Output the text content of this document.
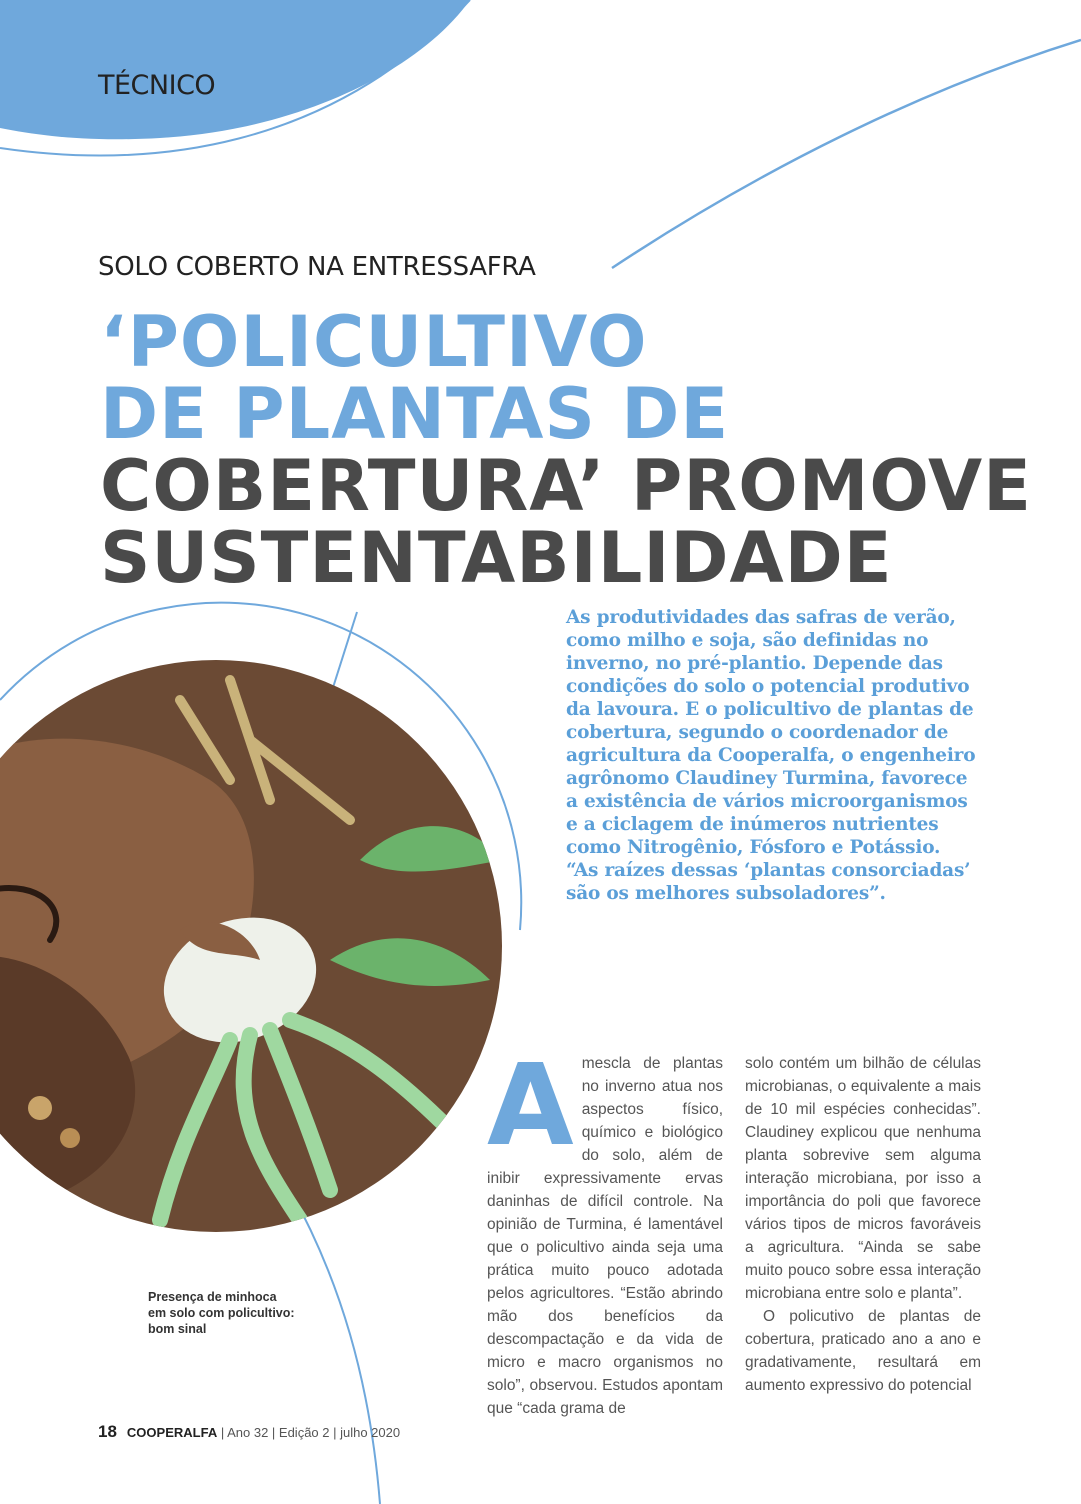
TÉCNICO
SOLO COBERTO NA ENTRESSAFRA
‘POLICULTIVO
DE PLANTAS DE
COBERTURA’ PROMOVE
SUSTENTABILIDADE
As produtividades das safras de verão,
como milho e soja, são definidas no
inverno, no pré-plantio. Depende das
condições do solo o potencial produtivo
da lavoura. E o policultivo de plantas de
cobertura, segundo o coordenador de
agricultura da Cooperalfa, o engenheiro
agrônomo Claudiney Turmina, favorece
a existência de vários microorganismos
e a ciclagem de inúmeros nutrientes
como Nitrogênio, Fósforo e Potássio.
“As raízes dessas ‘plantas consorciadas’
são os melhores subsoladores”.
Presença de minhoca em solo com policultivo: bom sinal
A mescla de plantas no inverno atua nos aspectos físico, químico e biológico do solo, além de inibir expressivamente ervas daninhas de difícil controle. Na opinião de Turmina, é lamentável que o policultivo ainda seja uma prática muito pouco adotada pelos agricultores. “Estão abrindo mão dos benefícios da descompactação e da vida de micro e macro organismos no solo”, observou. Estudos apontam que “cada grama de

solo contém um bilhão de células microbianas, o equivalente a mais de 10 mil espécies conhecidas”. Claudiney explicou que nenhuma planta sobrevive sem alguma interação microbiana, por isso a importância do poli que favorece vários tipos de micros favoráveis a agricultura. “Ainda se sabe muito pouco sobre essa interação microbiana entre solo e planta”.

O policutivo de plantas de cobertura, praticado ano a ano e gradativamente, resultará em aumento expressivo do potencial

18 COOPERALFA | Ano 32 | Edição 2 | julho 2020
